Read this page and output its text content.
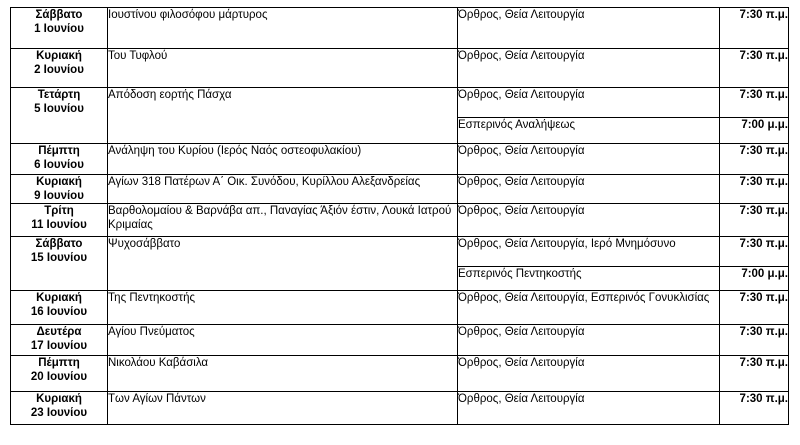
Σάββατο
1 Ιουνίου	Ιουστίνου φιλοσόφου μάρτυρος	Όρθρος, Θεία Λειτουργία	7:30 π.μ.

Κυριακή
2 Ιουνίου	Του Τυφλού	Όρθρος, Θεία Λειτουργία	7:30 π.μ.

Τετάρτη
5 Ιουνίου	Απόδοση εορτής Πάσχα	Όρθρος, Θεία Λειτουργία	7:30 π.μ.
		Εσπερινός Αναλήψεως	7:00 μ.μ.

Πέμπτη
6 Ιουνίου	Ανάληψη του Κυρίου (Ιερός Ναός οστεοφυλακίου)	Όρθρος, Θεία Λειτουργία	7:30 π.μ.

Κυριακή
9 Ιουνίου	Αγίων 318 Πατέρων Α΄ Οικ. Συνόδου, Κυρίλλου Αλεξανδρείας	Όρθρος, Θεία Λειτουργία	7:30 π.μ.

Τρίτη
11 Ιουνίου	Βαρθολομαίου & Βαρνάβα απ., Παναγίας Άξιόν έστιν, Λουκά Ιατρού Κριμαίας	Όρθρος, Θεία Λειτουργία	7:30 π.μ.

Σάββατο
15 Ιουνίου	Ψυχοσάββατο	Όρθρος, Θεία Λειτουργία, Ιερό Μνημόσυνο	7:30 π.μ.
		Εσπερινός Πεντηκοστής	7:00 μ.μ.

Κυριακή
16 Ιουνίου	Της Πεντηκοστής	Όρθρος, Θεία Λειτουργία, Εσπερινός Γονυκλισίας	7:30 π.μ.

Δευτέρα
17 Ιουνίου	Αγίου Πνεύματος	Όρθρος, Θεία Λειτουργία	7:30 π.μ.

Πέμπτη
20 Ιουνίου	Νικολάου Καβάσιλα	Όρθρος, Θεία Λειτουργία	7:30 π.μ.

Κυριακή
23 Ιουνίου	Των Αγίων Πάντων	Όρθρος, Θεία Λειτουργία	7:30 π.μ.
